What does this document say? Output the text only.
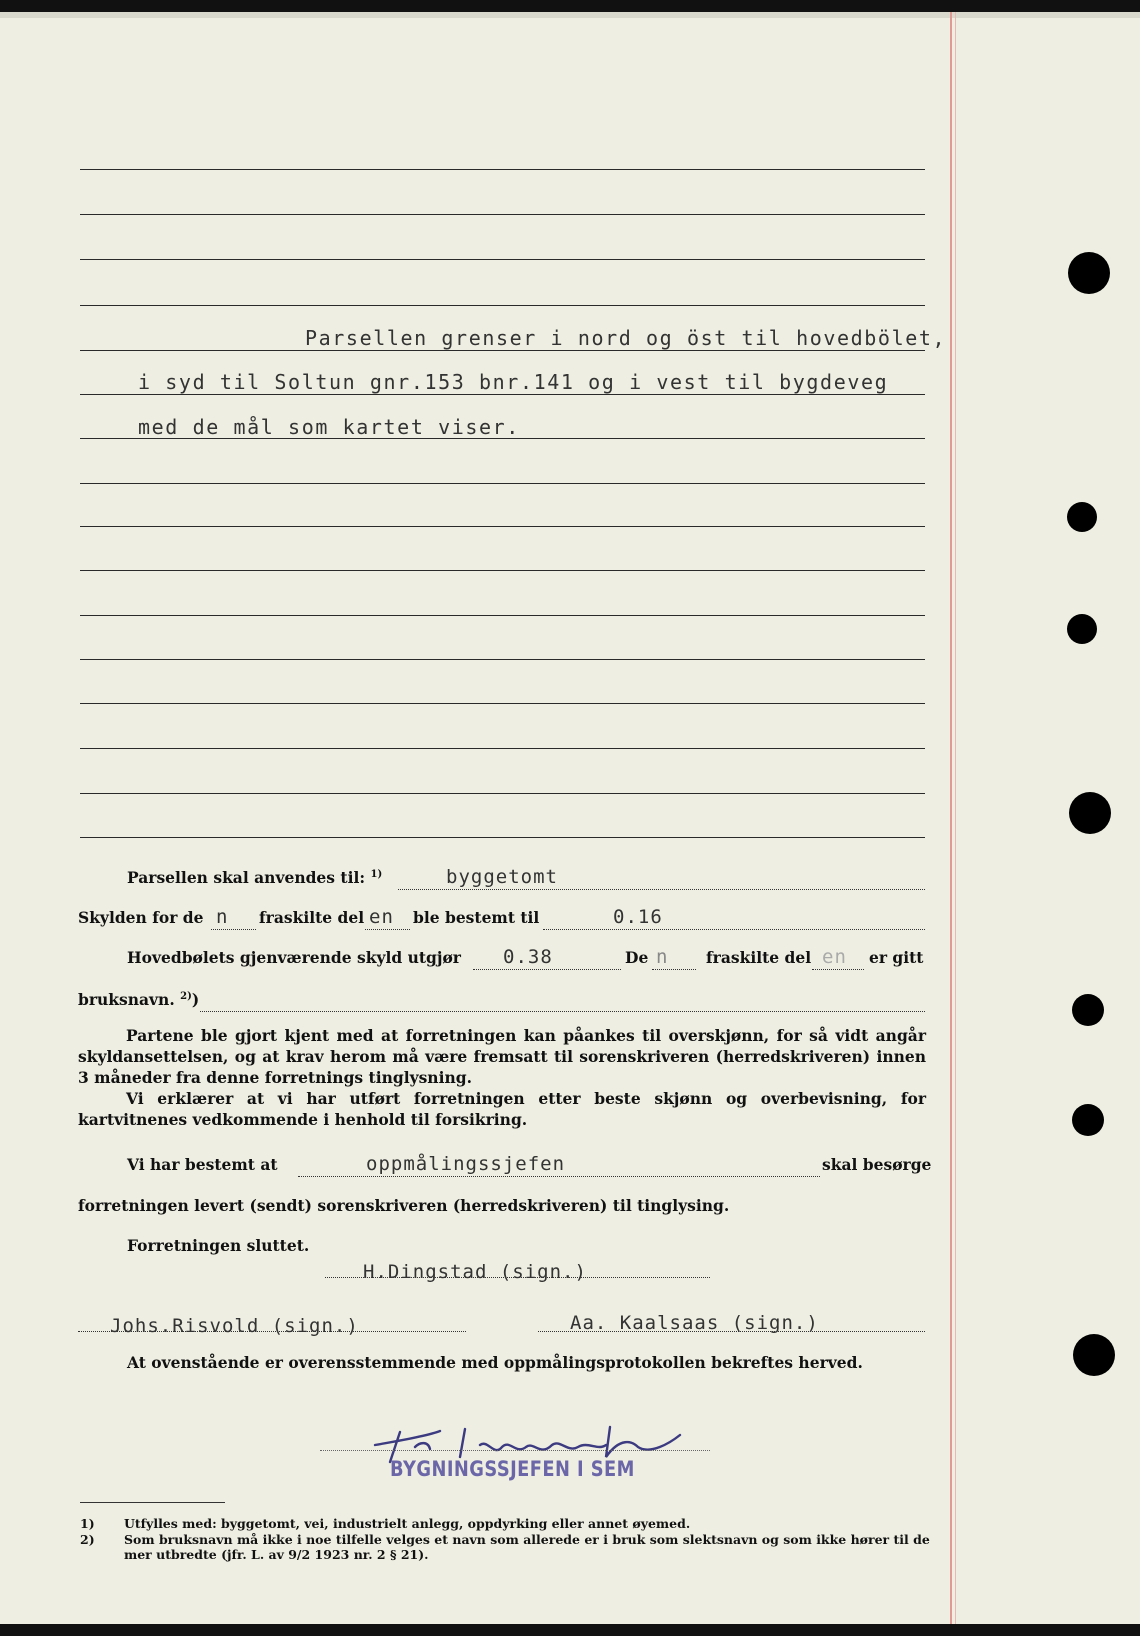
Parsellen grenser i nord og öst til hovedbölet,
i syd til Soltun gnr.153 bnr.141 og i vest til bygdeveg
med de mål som kartet viser.
Parsellen skal anvendes til: $^{1)}$	byggetomt
Skylden for de n fraskilte del en ble bestemt til	0.16
Hovedbølets gjenværende skyld utgjør 0.38	De n fraskilte del en er gitt
bruksnavn. $^{2)}$)
Partene ble gjort kjent med at forretningen kan påankes til overskjønn, for så vidt angår skyldansettelsen, og at krav herom må være fremsatt til sorenskriveren (herredskriveren) innen 3 måneder fra denne forretnings tinglysning.
Vi erklærer at vi har utført forretningen etter beste skjønn og overbevisning, for kartvitnenes vedkommende i henhold til forsikring.
Vi har bestemt at	oppmålingssjefen	skal besørge
forretningen levert (sendt) sorenskriveren (herredskriveren) til tinglysing.
Forretningen sluttet.
H.Dingstad (sign.)
Johs.Risvold (sign.)	Aa. Kaalsaas (sign.)
At ovenstående er overensstemmende med oppmålingsprotokollen bekreftes herved.
BYGNINGSSJEFEN I SEM
1) Utfylles med: byggetomt, vei, industrielt anlegg, oppdyrking eller annet øyemed.
2) Som bruksnavn må ikke i noe tilfelle velges et navn som allerede er i bruk som slektsnavn og som ikke hører til de mer utbredte (jfr. L. av 9/2 1923 nr. 2 § 21).
